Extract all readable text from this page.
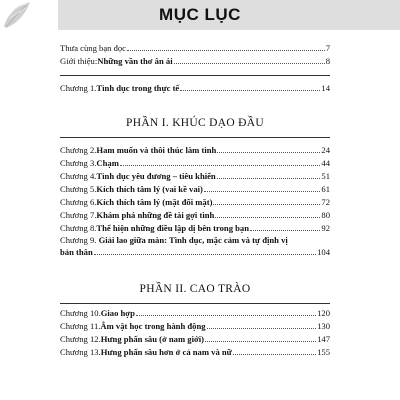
MỤC LỤC
Thưa cùng bạn đọc	7
Giới thiệu: Những vần thơ ân ái	8
Chương 1. Tình dục trong thực tế	14
PHẦN I. KHÚC DẠO ĐẦU
Chương 2. Ham muốn và thôi thúc làm tình	24
Chương 3. Chạm	44
Chương 4. Tình dục yêu đương – tiêu khiển	51
Chương 5. Kích thích tâm lý (vai kề vai)	61
Chương 6. Kích thích tâm lý (mặt đối mặt)	72
Chương 7. Khám phá những đề tài gợi tình	80
Chương 8. Thể hiện những điều lập dị bên trong bạn	92
Chương 9. Giải lao giữa màn: Tình dục, mặc cảm và tự định vị
bản thân	104
PHẦN II. CAO TRÀO
Chương 10. Giao hợp	120
Chương 11. Âm vật học trong hành động	130
Chương 12. Hưng phấn sâu (ở nam giới)	147
Chương 13. Hưng phấn sâu hơn ở cả nam và nữ	155
